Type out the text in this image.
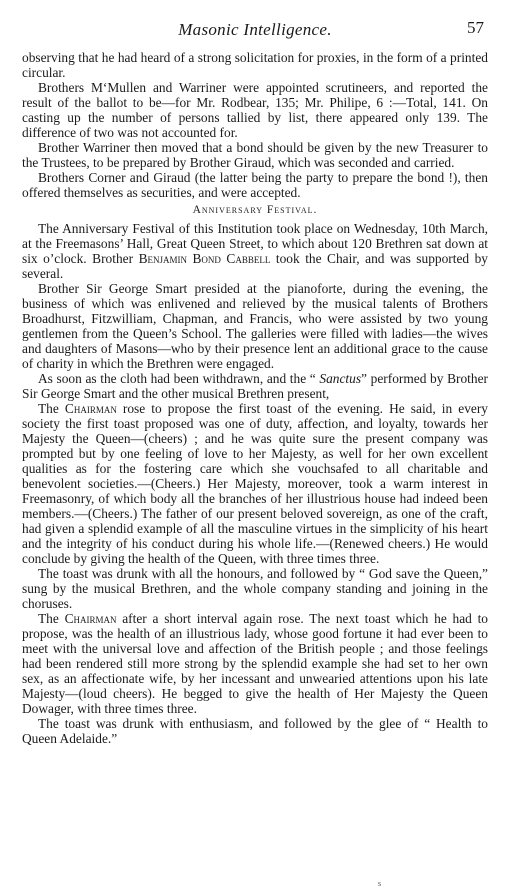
Masonic Intelligence.	57

observing that he had heard of a strong solicitation for proxies, in the form of a printed circular.

Brothers M‘Mullen and Warriner were appointed scrutineers, and reported the result of the ballot to be—for Mr. Rodbear, 135; Mr. Philipe, 6 :—Total, 141. On casting up the number of persons tallied by list, there appeared only 139. The difference of two was not accounted for.

Brother Warriner then moved that a bond should be given by the new Treasurer to the Trustees, to be prepared by Brother Giraud, which was seconded and carried.

Brothers Corner and Giraud (the latter being the party to prepare the bond !), then offered themselves as securities, and were accepted.

Anniversary Festival.

The Anniversary Festival of this Institution took place on Wednesday, 10th March, at the Freemasons’ Hall, Great Queen Street, to which about 120 Brethren sat down at six o’clock. Brother Benjamin Bond Cabbell took the Chair, and was supported by several.

Brother Sir George Smart presided at the pianoforte, during the evening, the business of which was enlivened and relieved by the musical talents of Brothers Broadhurst, Fitzwilliam, Chapman, and Francis, who were assisted by two young gentlemen from the Queen’s School. The galleries were filled with ladies—the wives and daughters of Masons—who by their presence lent an additional grace to the cause of charity in which the Brethren were engaged.

As soon as the cloth had been withdrawn, and the “ Sanctus” performed by Brother Sir George Smart and the other musical Brethren present,

The Chairman rose to propose the first toast of the evening. He said, in every society the first toast proposed was one of duty, affection, and loyalty, towards her Majesty the Queen—(cheers) ; and he was quite sure the present company was prompted but by one feeling of love to her Majesty, as well for her own excellent qualities as for the fostering care which she vouchsafed to all charitable and benevolent societies.—(Cheers.) Her Majesty, moreover, took a warm interest in Freemasonry, of which body all the branches of her illustrious house had indeed been members.—(Cheers.) The father of our present beloved sovereign, as one of the craft, had given a splendid example of all the masculine virtues in the simplicity of his heart and the integrity of his conduct during his whole life.—(Renewed cheers.) He would conclude by giving the health of the Queen, with three times three.

The toast was drunk with all the honours, and followed by “ God save the Queen,” sung by the musical Brethren, and the whole company standing and joining in the choruses.

The Chairman after a short interval again rose. The next toast which he had to propose, was the health of an illustrious lady, whose good fortune it had ever been to meet with the universal love and affection of the British people ; and those feelings had been rendered still more strong by the splendid example she had set to her own sex, as an affectionate wife, by her incessant and unwearied attentions upon his late Majesty—(loud cheers). He begged to give the health of Her Majesty the Queen Dowager, with three times three.

The toast was drunk with enthusiasm, and followed by the glee of “ Health to Queen Adelaide.”

s
